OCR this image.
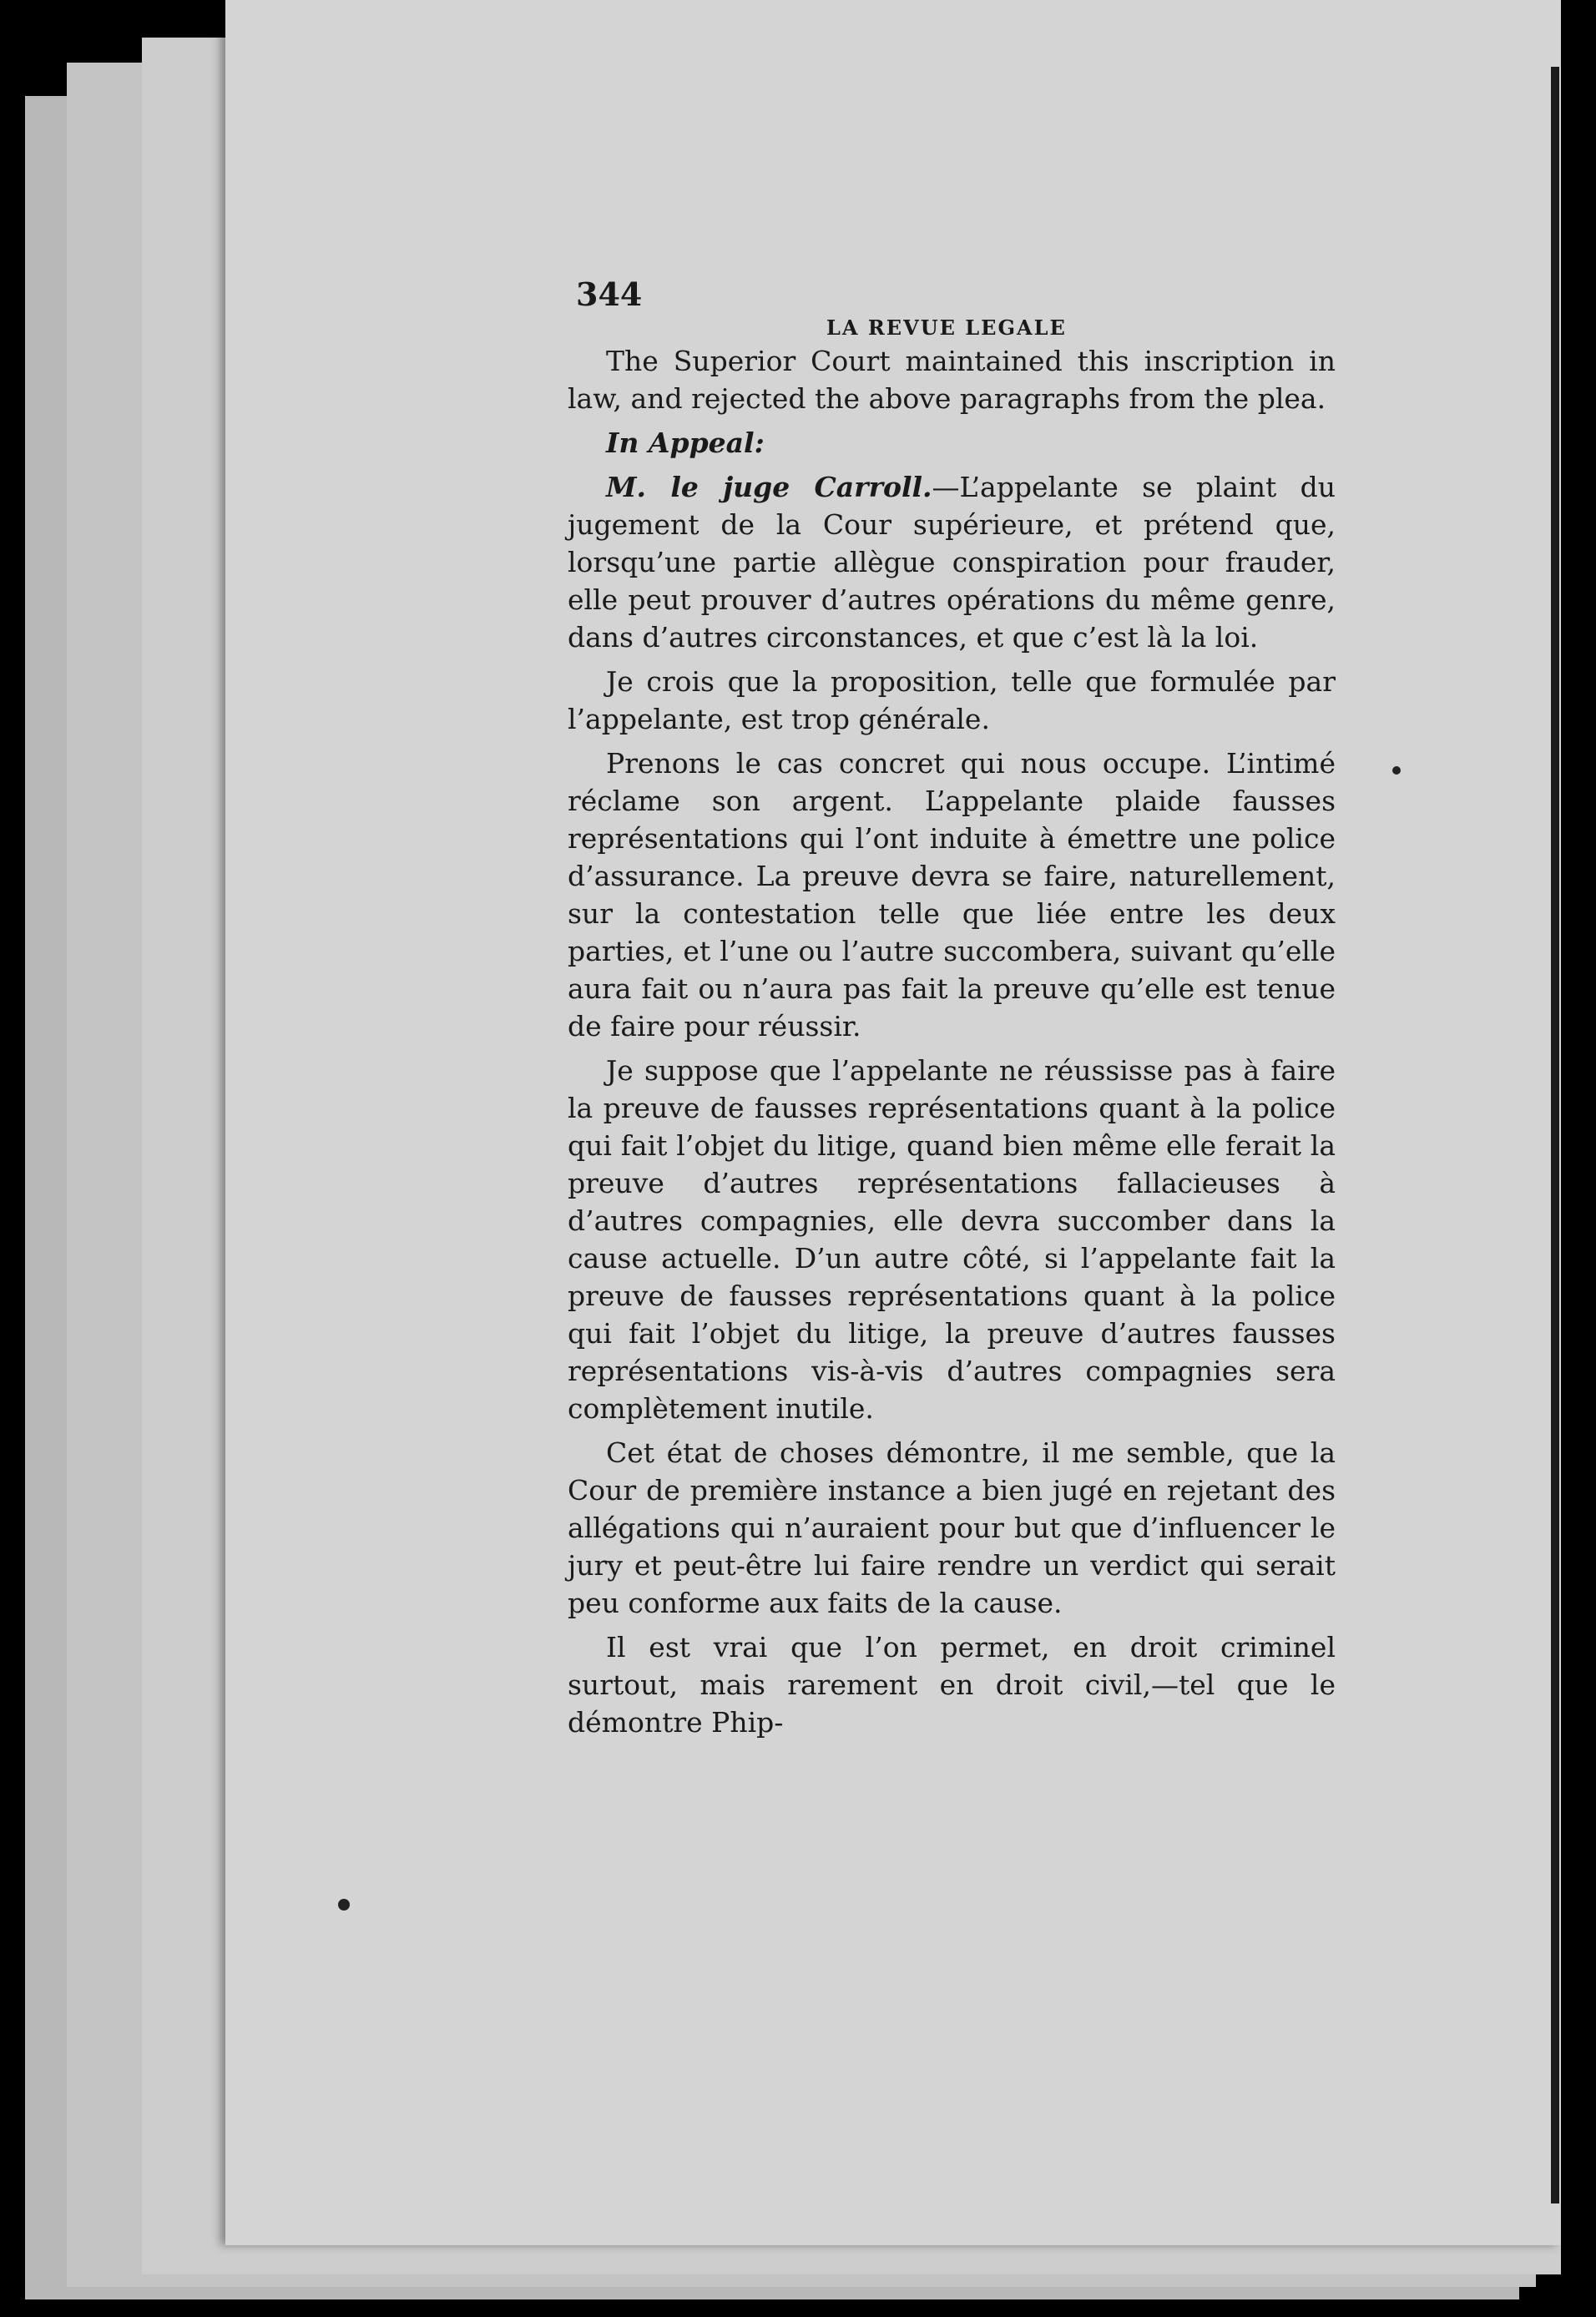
344
LA REVUE LEGALE

The Superior Court maintained this inscription in law, and rejected the above paragraphs from the plea.

In Appeal:

M. le juge Carroll.—L’appelante se plaint du jugement de la Cour supérieure, et prétend que, lorsqu’une partie allègue conspiration pour frauder, elle peut prouver d’autres opérations du même genre, dans d’autres circonstances, et que c’est là la loi.

Je crois que la proposition, telle que formulée par l’appelante, est trop générale.

Prenons le cas concret qui nous occupe. L’intimé réclame son argent. L’appelante plaide fausses représentations qui l’ont induite à émettre une police d’assurance. La preuve devra se faire, naturellement, sur la contestation telle que liée entre les deux parties, et l’une ou l’autre succombera, suivant qu’elle aura fait ou n’aura pas fait la preuve qu’elle est tenue de faire pour réussir.

Je suppose que l’appelante ne réussisse pas à faire la preuve de fausses représentations quant à la police qui fait l’objet du litige, quand bien même elle ferait la preuve d’autres représentations fallacieuses à d’autres compagnies, elle devra succomber dans la cause actuelle. D’un autre côté, si l’appelante fait la preuve de fausses représentations quant à la police qui fait l’objet du litige, la preuve d’autres fausses représentations vis-à-vis d’autres compagnies sera complètement inutile.

Cet état de choses démontre, il me semble, que la Cour de première instance a bien jugé en rejetant des allégations qui n’auraient pour but que d’influencer le jury et peut-être lui faire rendre un verdict qui serait peu conforme aux faits de la cause.

Il est vrai que l’on permet, en droit criminel surtout, mais rarement en droit civil,—tel que le démontre Phip-
